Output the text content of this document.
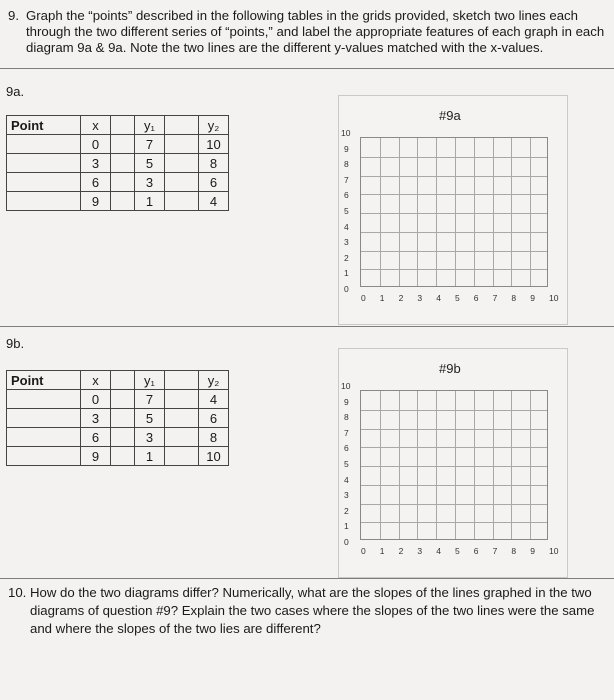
9. Graph the “points” described in the following tables in the grids provided, sketch two lines each through the two different series of “points,” and label the appropriate features of each graph in each diagram 9a & 9a. Note the two lines are the different y-values matched with the x-values.
9a.
Point	x		y₁		y₂
	0		7		10
	3		5		8
	6		3		6
	9		1		4
#9a
10
9
8
7
6
5
4
3
2
1
0
0 1 2 3 4 5 6 7 8 9 10
9b.
Point	x		y₁		y₂
	0		7		4
	3		5		6
	6		3		8
	9		1		10
#9b
10
9
8
7
6
5
4
3
2
1
0
0 1 2 3 4 5 6 7 8 9 10
10. How do the two diagrams differ? Numerically, what are the slopes of the lines graphed in the two diagrams of question #9? Explain the two cases where the slopes of the two lines were the same and where the slopes of the two lies are different?
